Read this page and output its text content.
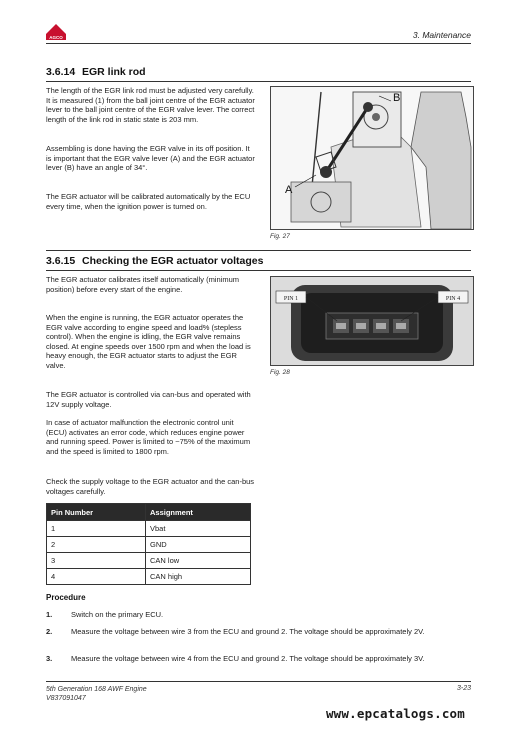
AGCO	3. Maintenance
3.6.14 EGR link rod

The length of the EGR link rod must be adjusted very carefully. It is measured (1) from the ball joint centre of the EGR actuator lever to the ball joint centre of the EGR valve lever. The correct length of the link rod in static state is 203 mm.

Assembling is done having the EGR valve in its off position. It is important that the EGR valve lever (A) and the EGR actuator lever (B) have an angle of 34°.

The EGR actuator will be calibrated automatically by the ECU every time, when the ignition power is turned on.

B
A
Fig. 27
3.6.15 Checking the EGR actuator voltages

The EGR actuator calibrates itself automatically (minimum position) before every start of the engine.

When the engine is running, the EGR actuator operates the EGR valve according to engine speed and load% (stepless control). When the engine is idling, the EGR valve remains closed. At engine speeds over 1500 rpm and when the load is heavy enough, the EGR actuator starts to adjust the EGR valve.

The EGR actuator is controlled via can-bus and operated with 12V supply voltage.

In case of actuator malfunction the electronic control unit (ECU) activates an error code, which reduces engine power and running speed. Power is limited to ~75% of the maximum and the speed is limited to 1800 rpm.

Check the supply voltage to the EGR actuator and the can-bus voltages carefully.

PIN 1	PIN 4
Fig. 28
Pin Number	Assignment
1	Vbat
2	GND
3	CAN low
4	CAN high
Procedure
1. Switch on the primary ECU.
2. Measure the voltage between wire 3 from the ECU and ground 2. The voltage should be approximately 2V.
3. Measure the voltage between wire 4 from the ECU and ground 2. The voltage should be approximately 3V.
5th Generation 168 AWF Engine
V837091047
3-23
www.epcatalogs.com
